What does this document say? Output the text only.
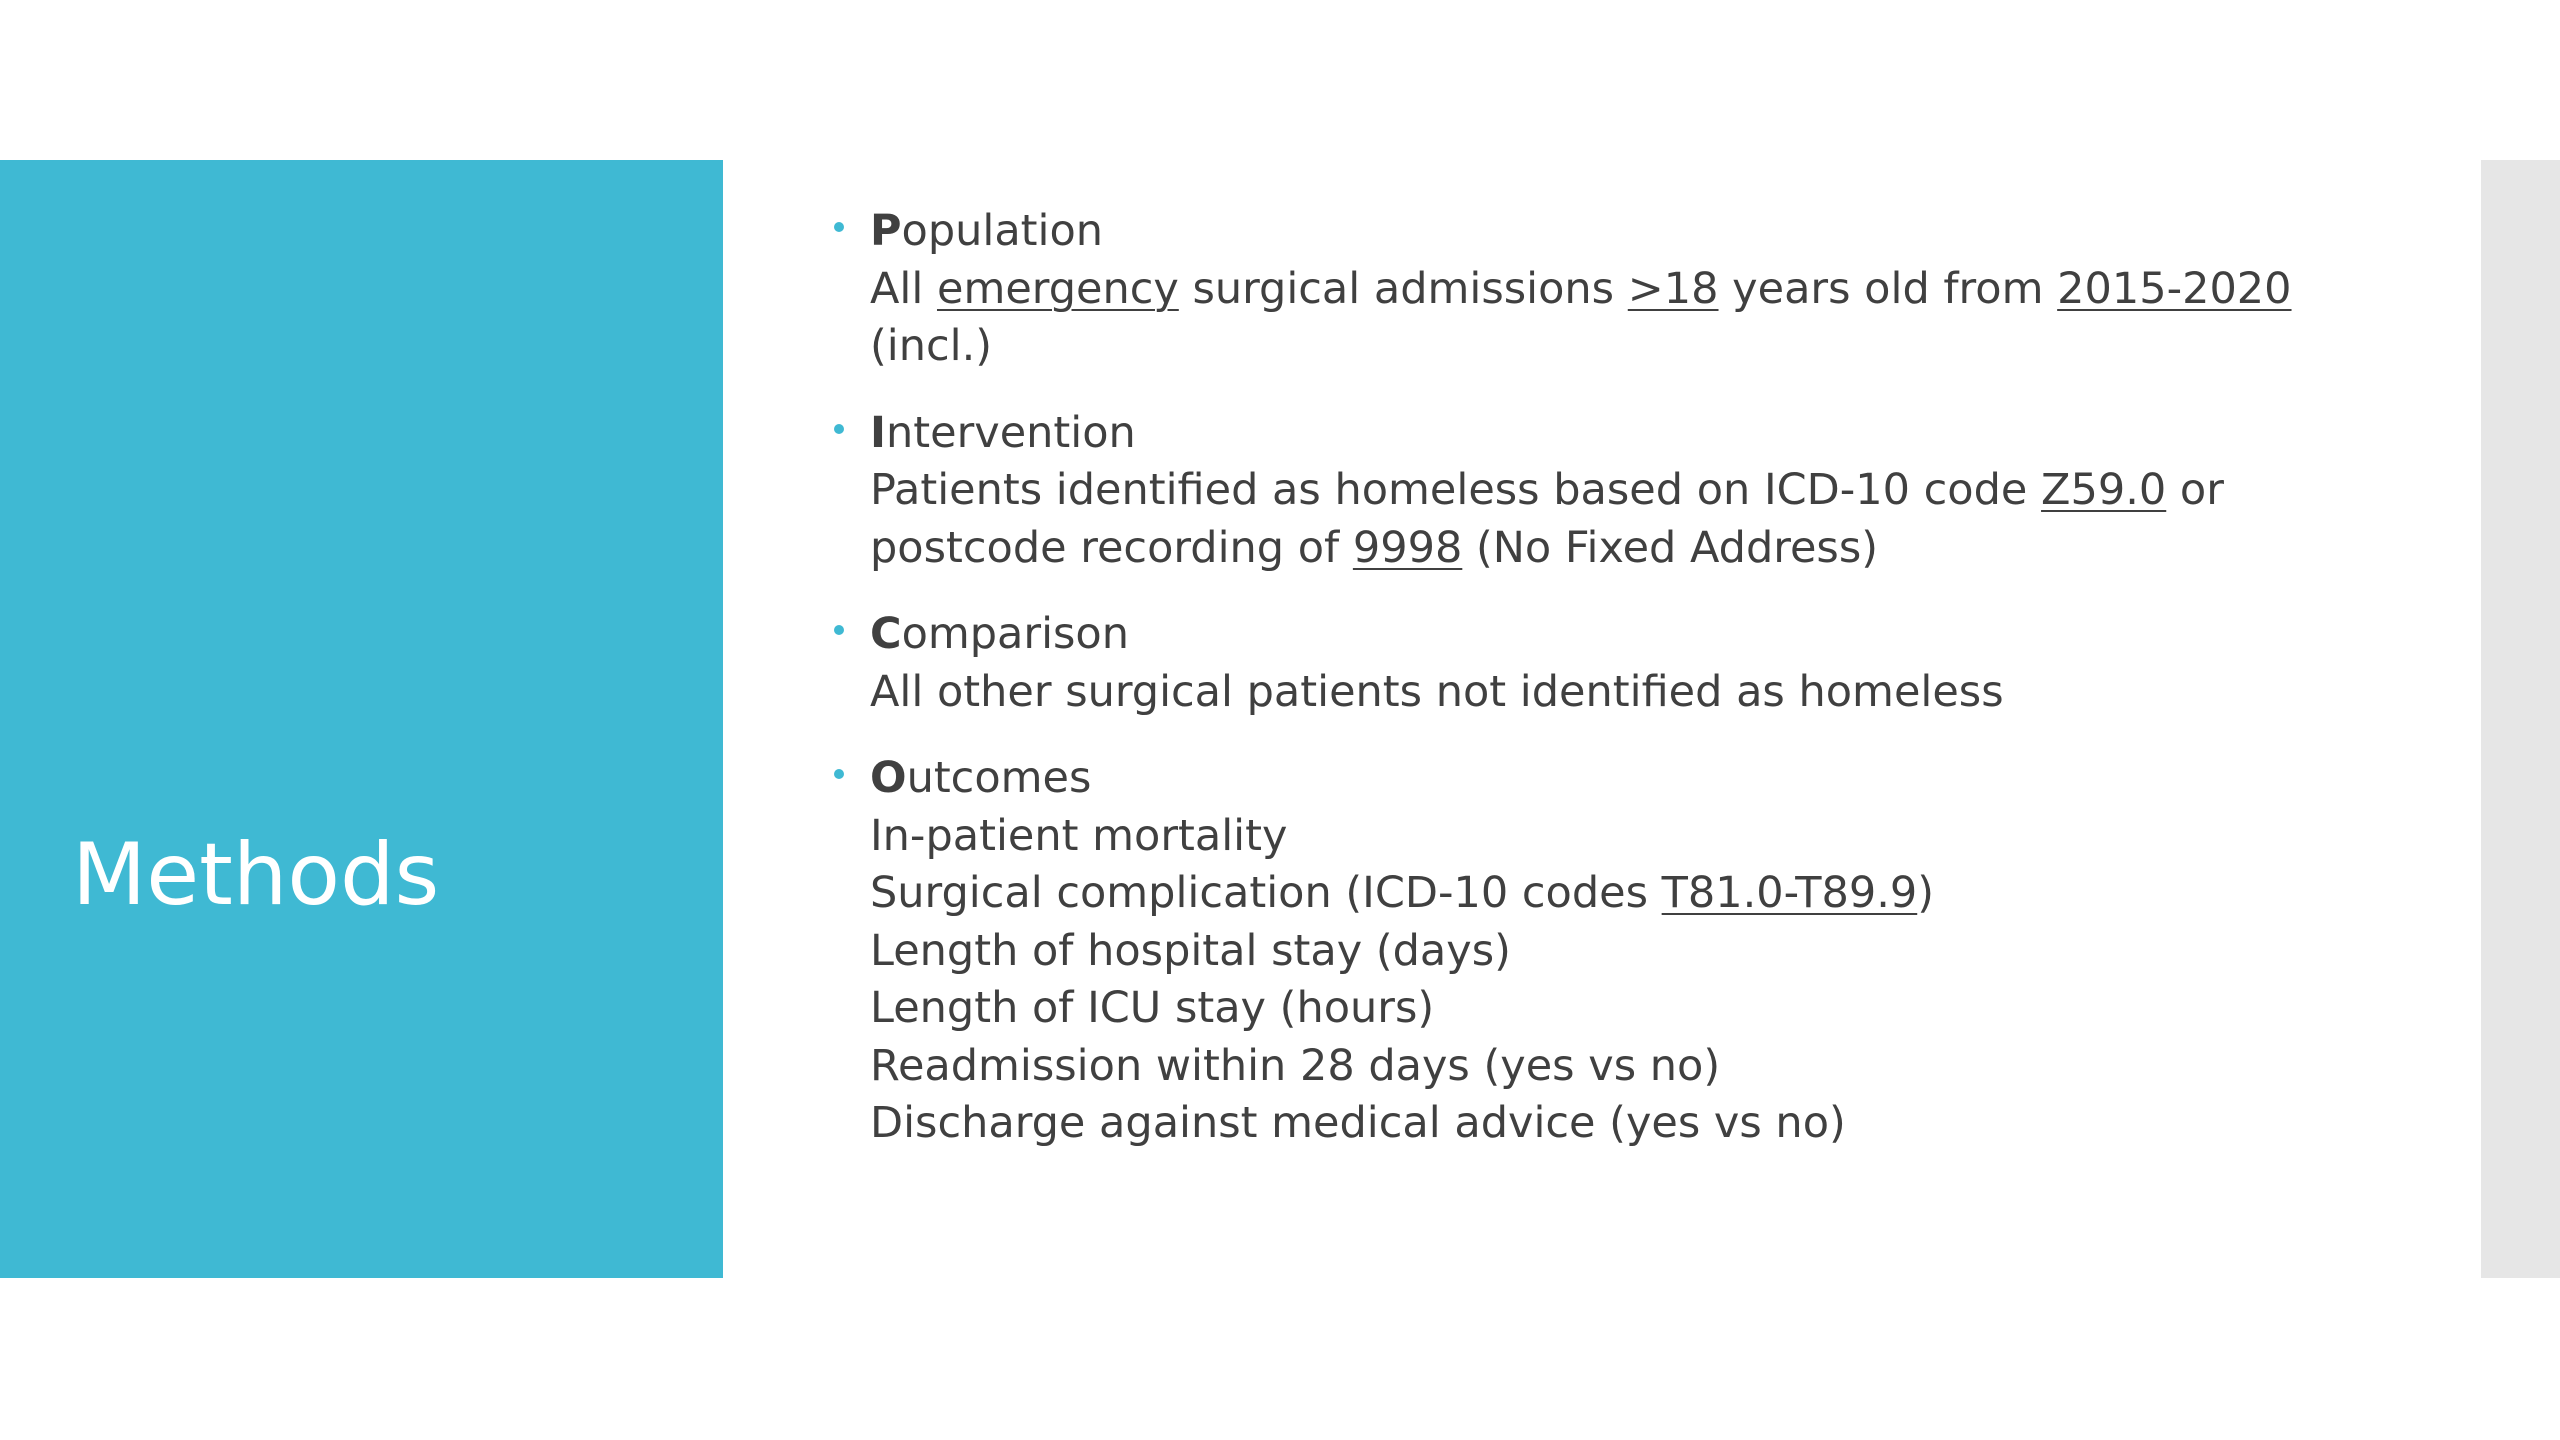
Methods
Population
All emergency surgical admissions >18 years old from 2015-2020
(incl.)
Intervention
Patients identified as homeless based on ICD-10 code Z59.0 or
postcode recording of 9998 (No Fixed Address)
Comparison
All other surgical patients not identified as homeless
Outcomes
In-patient mortality
Surgical complication (ICD-10 codes T81.0-T89.9)
Length of hospital stay (days)
Length of ICU stay (hours)
Readmission within 28 days (yes vs no)
Discharge against medical advice (yes vs no)
